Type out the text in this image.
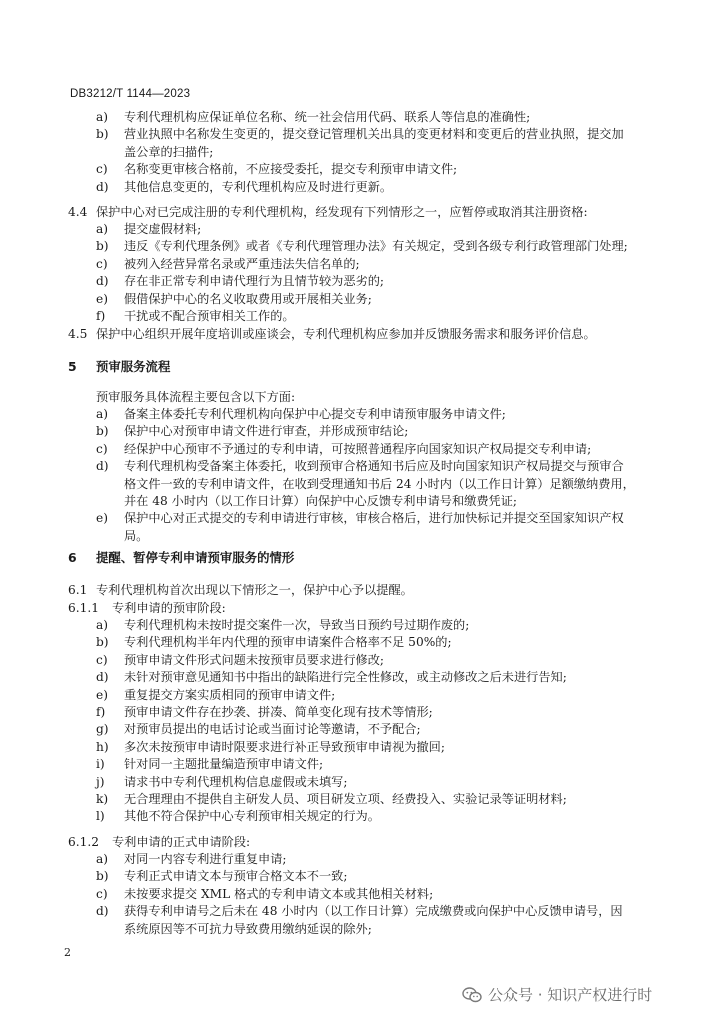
DB3212/T 1144—2023
a) 专利代理机构应保证单位名称、统一社会信用代码、联系人等信息的准确性;
b) 营业执照中名称发生变更的，提交登记管理机关出具的变更材料和变更后的营业执照，提交加
盖公章的扫描件;
c) 名称变更审核合格前，不应接受委托，提交专利预审申请文件;
d) 其他信息变更的，专利代理机构应及时进行更新。
4.4 保护中心对已完成注册的专利代理机构，经发现有下列情形之一，应暂停或取消其注册资格:
a) 提交虚假材料;
b) 违反《专利代理条例》或者《专利代理管理办法》有关规定，受到各级专利行政管理部门处理;
c) 被列入经营异常名录或严重违法失信名单的;
d) 存在非正常专利申请代理行为且情节较为恶劣的;
e) 假借保护中心的名义收取费用或开展相关业务;
f) 干扰或不配合预审相关工作的。
4.5 保护中心组织开展年度培训或座谈会，专利代理机构应参加并反馈服务需求和服务评价信息。
5 预审服务流程
预审服务具体流程主要包含以下方面:
a) 备案主体委托专利代理机构向保护中心提交专利申请预审服务申请文件;
b) 保护中心对预审申请文件进行审查，并形成预审结论;
c) 经保护中心预审不予通过的专利申请，可按照普通程序向国家知识产权局提交专利申请;
d) 专利代理机构受备案主体委托，收到预审合格通知书后应及时向国家知识产权局提交与预审合
格文件一致的专利申请文件，在收到受理通知书后 24 小时内（以工作日计算）足额缴纳费用，
并在 48 小时内（以工作日计算）向保护中心反馈专利申请号和缴费凭证;
e) 保护中心对正式提交的专利申请进行审核，审核合格后，进行加快标记并提交至国家知识产权
局。
6 提醒、暂停专利申请预审服务的情形
6.1 专利代理机构首次出现以下情形之一，保护中心予以提醒。
6.1.1 专利申请的预审阶段:
a) 专利代理机构未按时提交案件一次，导致当日预约号过期作废的;
b) 专利代理机构半年内代理的预审申请案件合格率不足 50%的;
c) 预审申请文件形式问题未按预审员要求进行修改;
d) 未针对预审意见通知书中指出的缺陷进行完全性修改，或主动修改之后未进行告知;
e) 重复提交方案实质相同的预审申请文件;
f) 预审申请文件存在抄袭、拼凑、简单变化现有技术等情形;
g) 对预审员提出的电话讨论或当面讨论等邀请，不予配合;
h) 多次未按预审申请时限要求进行补正导致预审申请视为撤回;
i) 针对同一主题批量编造预审申请文件;
j) 请求书中专利代理机构信息虚假或未填写;
k) 无合理理由不提供自主研发人员、项目研发立项、经费投入、实验记录等证明材料;
l) 其他不符合保护中心专利预审相关规定的行为。
6.1.2 专利申请的正式申请阶段:
a) 对同一内容专利进行重复申请;
b) 专利正式申请文本与预审合格文本不一致;
c) 未按要求提交 XML 格式的专利申请文本或其他相关材料;
d) 获得专利申请号之后未在 48 小时内（以工作日计算）完成缴费或向保护中心反馈申请号，因
系统原因等不可抗力导致费用缴纳延误的除外;
2
公众号 · 知识产权进行时
